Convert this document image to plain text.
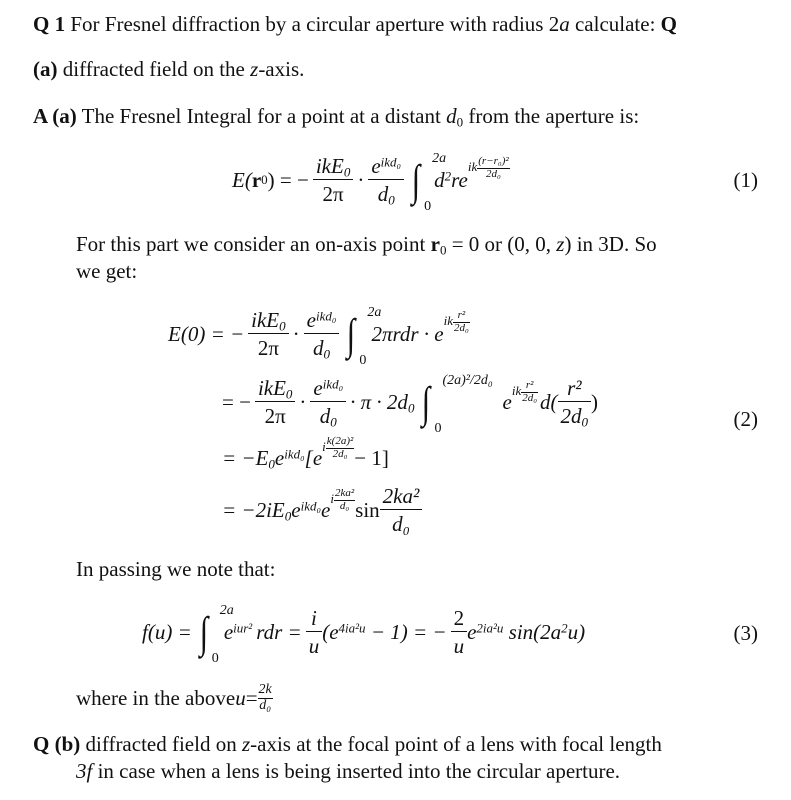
Q 1 For Fresnel diffraction by a circular aperture with radius 2a calculate: Q
(a) diffracted field on the z-axis.
A (a) The Fresnel Integral for a point at a distant $d_0$ from the aperture is:
E( r 0 ) = − $\frac{ikE_0}{2\pi} \cdot \frac{e^{ikd_0}}{d_0}$ ∫ 2a
0
$d^2re$
ik $\frac{\text{(r−r₀)²}}{\text{2d₀}}$	(1)
For this part we consider an on-axis point $r_0 = 0$ or (0, 0, z) in 3D. So
we get:
E(0) = − $\frac{ikE_0}{2\pi} \cdot \frac{e^{ikd_0}}{d_0}$ ∫ 2a
0
2πrdr · e
ik $\frac{\text{r²}}{\text{2d₀}}$
= − $\frac{ikE_0}{2\pi} \cdot \frac{e^{ikd_0}}{d_0} \cdot \pi \cdot 2d_0$ ∫ (2a)²/2d₀
0
e ik $\frac{\text{r²}}{\text{2d₀}} d( \frac{\text{r²}}{2d_0}$ )
(2)
= $-E_0e^{ikd_0}[e$ i $\frac{\text{k(2a)²}}{\text{2d₀}} - 1$]
= $-2iE_0e^{ikd_0}e$ i $\frac{\text{2ka²}}{\text{d₀}}$ $\sin \frac{\text{2ka²}}{\text{d₀}}$
In passing we note that:
f(u) = ∫ 2a
0
$e^{iur^2}$ rdr = $\frac{i}{u} (e^{4ia^2u} - 1)$ = − $\frac{2}{u} e^{2ia^2u}$ $\sin(2a^2u)$	(3)
where in the above $u = \frac{2k}{\text{d₀}}$
Q (b) diffracted field on z-axis at the focal point of a lens with focal length
3f in case when a lens is being inserted into the circular aperture.
